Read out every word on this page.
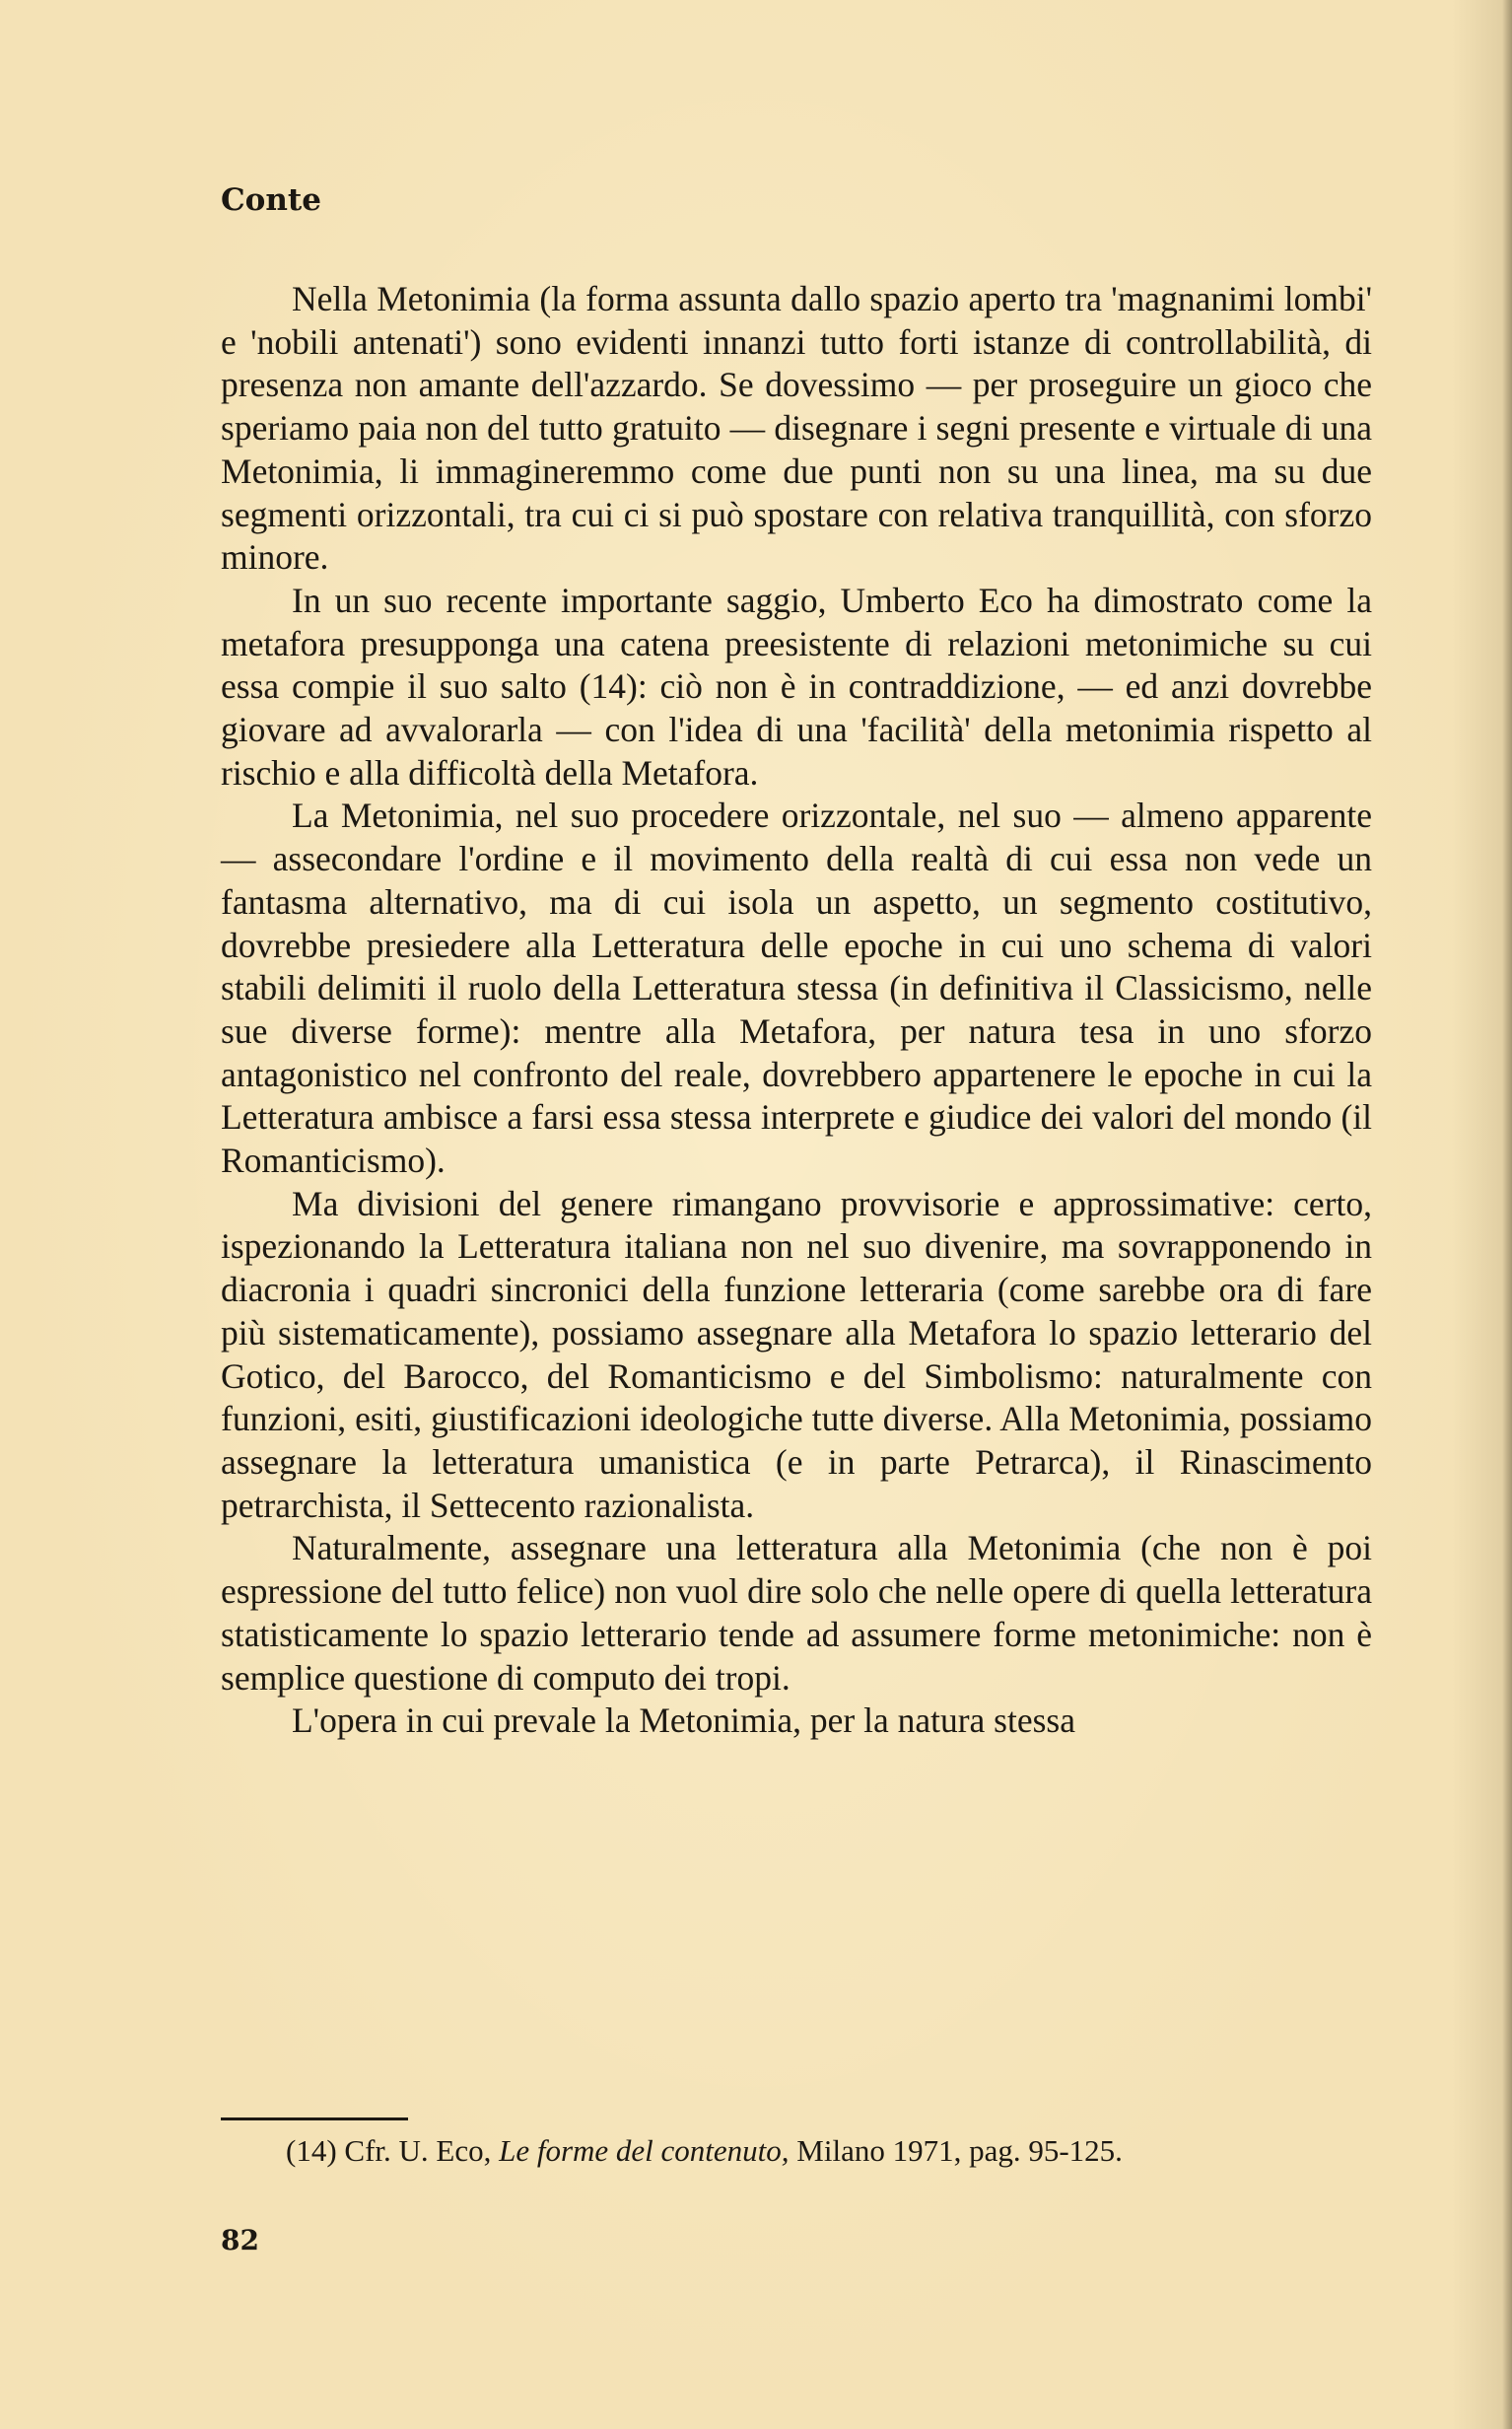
Conte

Nella Metonimia (la forma assunta dallo spazio aperto tra 'magnanimi lombi' e 'nobili antenati') sono evidenti innanzi tutto forti istanze di controllabilità, di presenza non amante dell'azzardo. Se dovessimo — per proseguire un gioco che speriamo paia non del tutto gratuito — disegnare i segni presente e virtuale di una Metonimia, li immagineremmo come due punti non su una linea, ma su due segmenti orizzontali, tra cui ci si può spostare con relativa tranquillità, con sforzo minore.

In un suo recente importante saggio, Umberto Eco ha dimostrato come la metafora presupponga una catena preesistente di relazioni metonimiche su cui essa compie il suo salto (14): ciò non è in contraddizione, — ed anzi dovrebbe giovare ad avvalorarla — con l'idea di una 'facilità' della metonimia rispetto al rischio e alla difficoltà della Metafora.

La Metonimia, nel suo procedere orizzontale, nel suo — almeno apparente — assecondare l'ordine e il movimento della realtà di cui essa non vede un fantasma alternativo, ma di cui isola un aspetto, un segmento costitutivo, dovrebbe presiedere alla Letteratura delle epoche in cui uno schema di valori stabili delimiti il ruolo della Letteratura stessa (in definitiva il Classicismo, nelle sue diverse forme): mentre alla Metafora, per natura tesa in uno sforzo antagonistico nel confronto del reale, dovrebbero appartenere le epoche in cui la Letteratura ambisce a farsi essa stessa interprete e giudice dei valori del mondo (il Romanticismo).

Ma divisioni del genere rimangano provvisorie e approssimative: certo, ispezionando la Letteratura italiana non nel suo divenire, ma sovrapponendo in diacronia i quadri sincronici della funzione letteraria (come sarebbe ora di fare più sistematicamente), possiamo assegnare alla Metafora lo spazio letterario del Gotico, del Barocco, del Romanticismo e del Simbolismo: naturalmente con funzioni, esiti, giustificazioni ideologiche tutte diverse. Alla Metonimia, possiamo assegnare la letteratura umanistica (e in parte Petrarca), il Rinascimento petrarchista, il Settecento razionalista.

Naturalmente, assegnare una letteratura alla Metonimia (che non è poi espressione del tutto felice) non vuol dire solo che nelle opere di quella letteratura statisticamente lo spazio letterario tende ad assumere forme metonimiche: non è semplice questione di computo dei tropi.

L'opera in cui prevale la Metonimia, per la natura stessa

(14) Cfr. U. Eco, Le forme del contenuto, Milano 1971, pag. 95-125.
82
